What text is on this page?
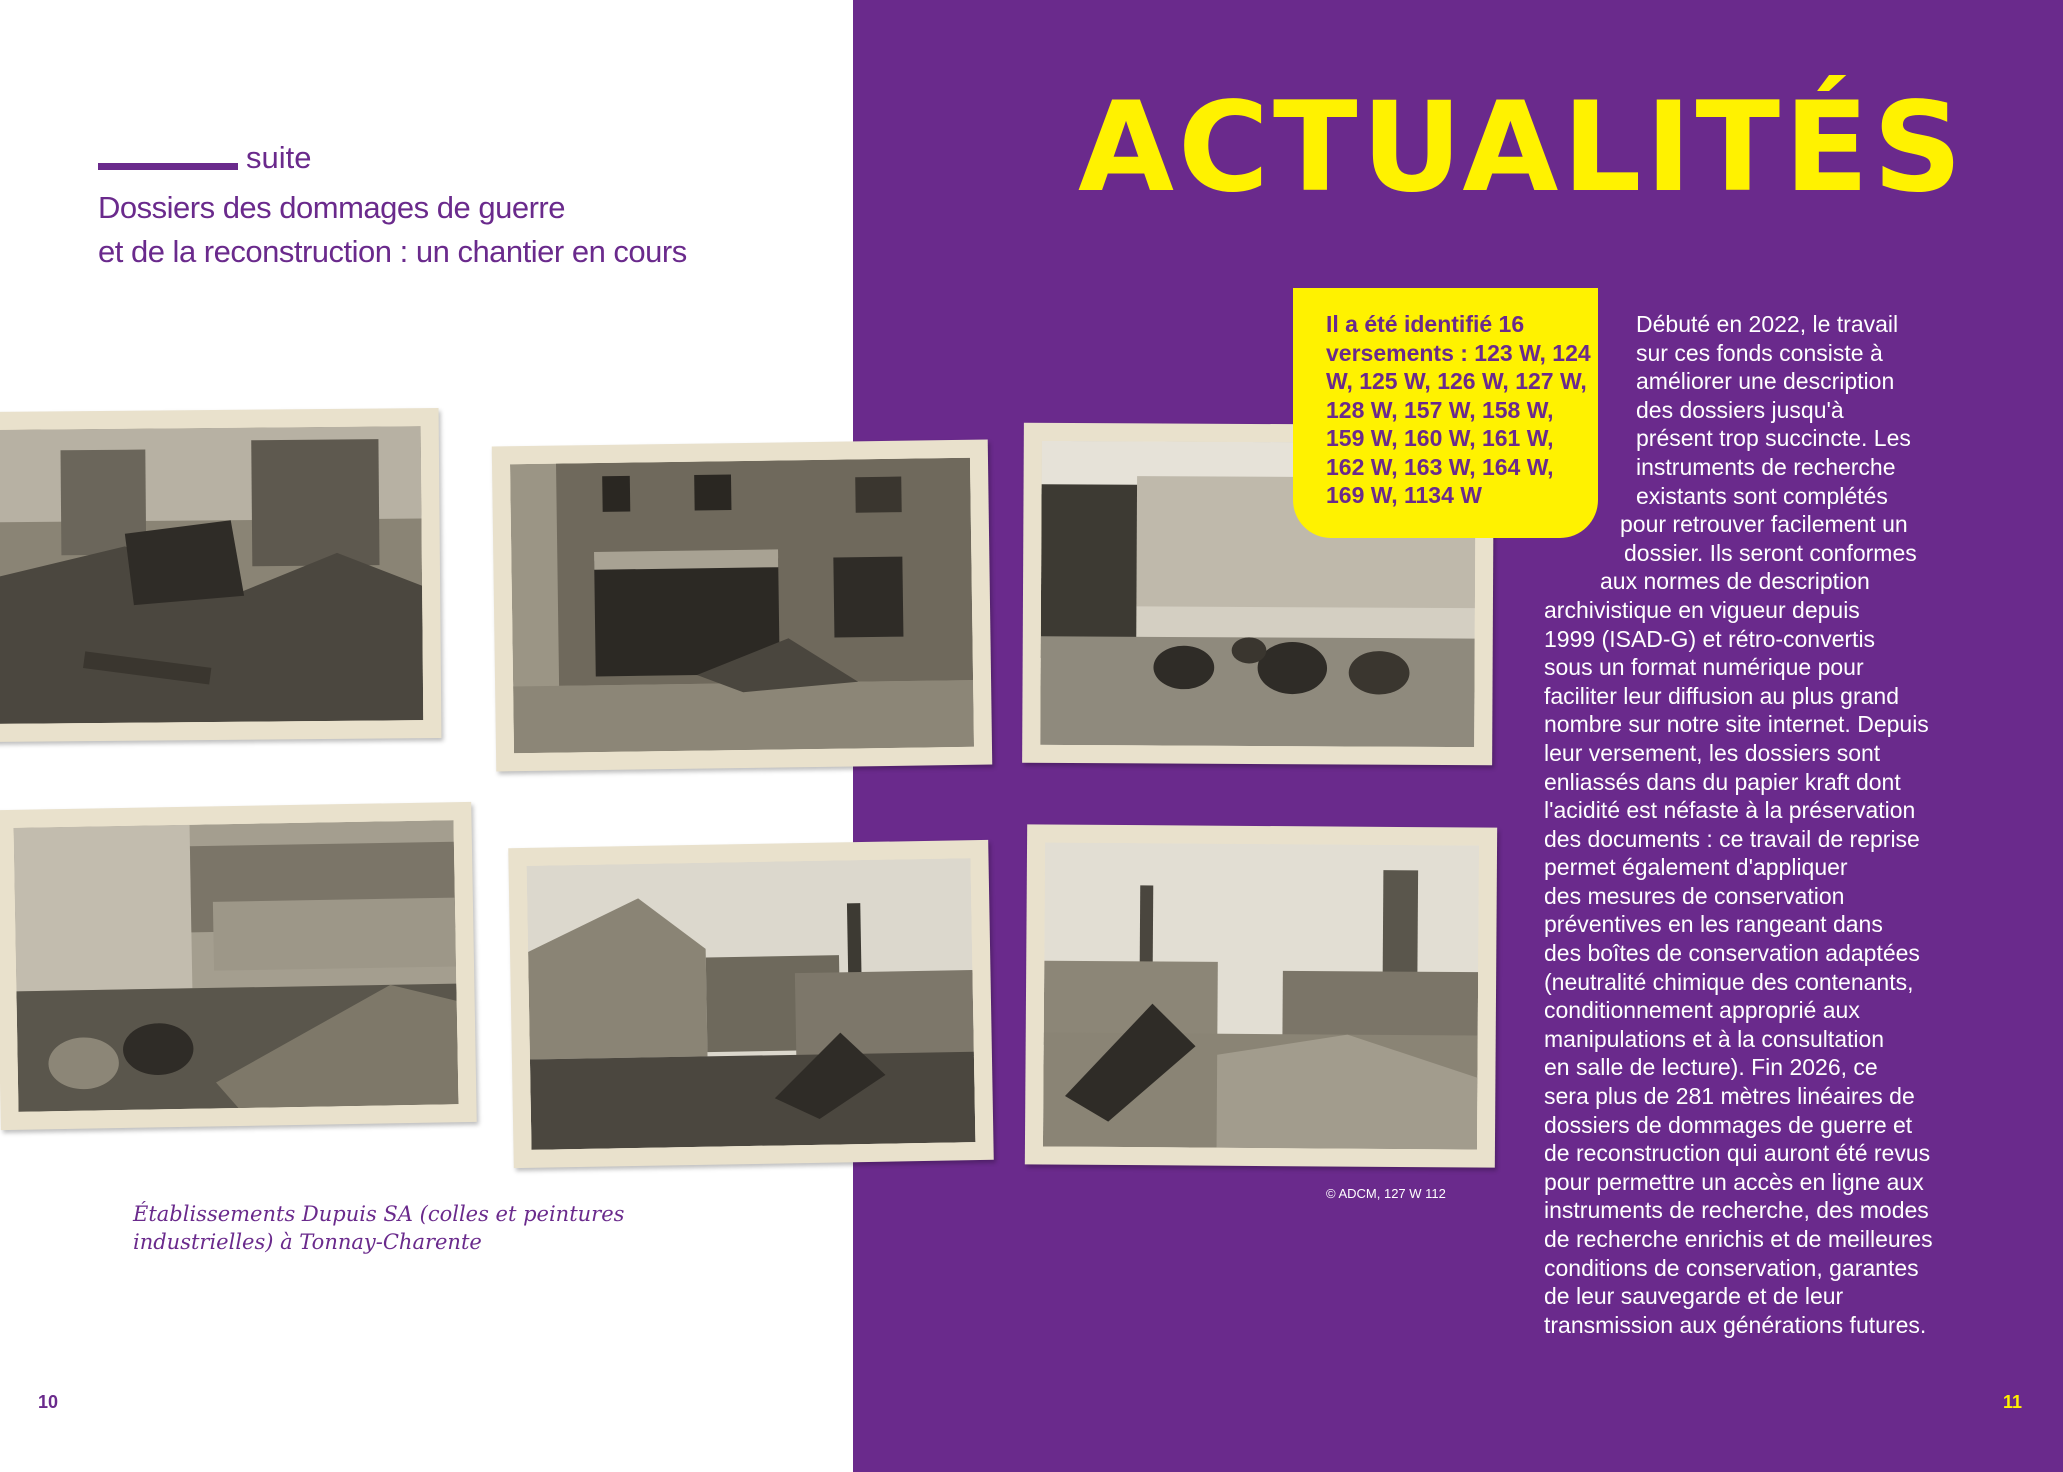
suite
Dossiers des dommages de guerre
et de la reconstruction : un chantier en cours
ACTUALITÉS
Il a été identifié 16 versements : 123 W, 124 W, 125 W, 126 W, 127 W, 128 W, 157 W, 158 W, 159 W, 160 W, 161 W, 162 W, 163 W, 164 W, 169 W, 1134 W
Débuté en 2022, le travail
sur ces fonds consiste à
améliorer une description
des dossiers jusqu'à
présent trop succincte. Les
instruments de recherche
existants sont complétés
pour retrouver facilement un
dossier. Ils seront conformes
aux normes de description
archivistique en vigueur depuis
1999 (ISAD-G) et rétro-convertis
sous un format numérique pour
faciliter leur diffusion au plus grand
nombre sur notre site internet. Depuis
leur versement, les dossiers sont
enliassés dans du papier kraft dont
l'acidité est néfaste à la préservation
des documents : ce travail de reprise
permet également d'appliquer
des mesures de conservation
préventives en les rangeant dans
des boîtes de conservation adaptées
(neutralité chimique des contenants,
conditionnement approprié aux
manipulations et à la consultation
en salle de lecture). Fin 2026, ce
sera plus de 281 mètres linéaires de
dossiers de dommages de guerre et
de reconstruction qui auront été revus
pour permettre un accès en ligne aux
instruments de recherche, des modes
de recherche enrichis et de meilleures
conditions de conservation, garantes
de leur sauvegarde et de leur
transmission aux générations futures.
© ADCM, 127 W 112
Établissements Dupuis SA (colles et peintures
industrielles) à Tonnay-Charente
10	11
